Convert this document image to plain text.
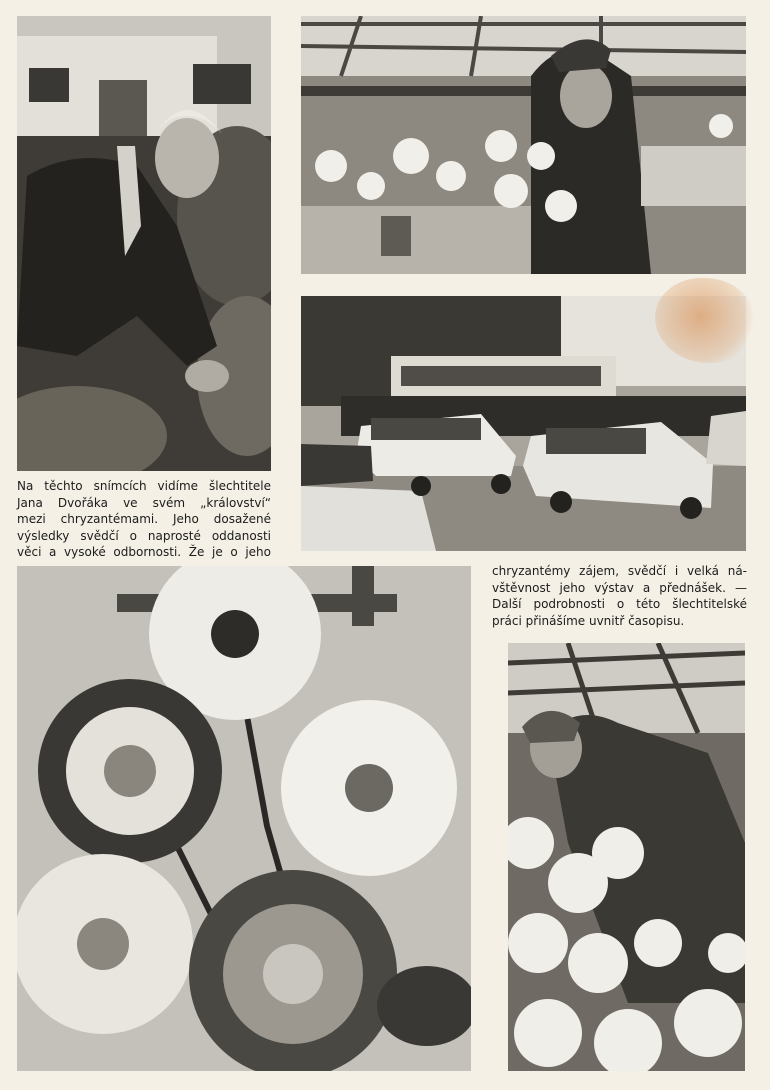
Na těchto snímcích vidíme šlechtitele
Jana Dvořáka ve svém „království“
mezi chryzantémami. Jeho dosažené
výsledky svědčí o naprosté oddanosti
věci a vysoké odbornosti. Že je o jeho

chryzantémy zájem, svědčí i velká ná-
vštěvnost jeho výstav a přednášek. —
Další podrobnosti o této šlechtitelské
práci přinášíme uvnitř časopisu.
